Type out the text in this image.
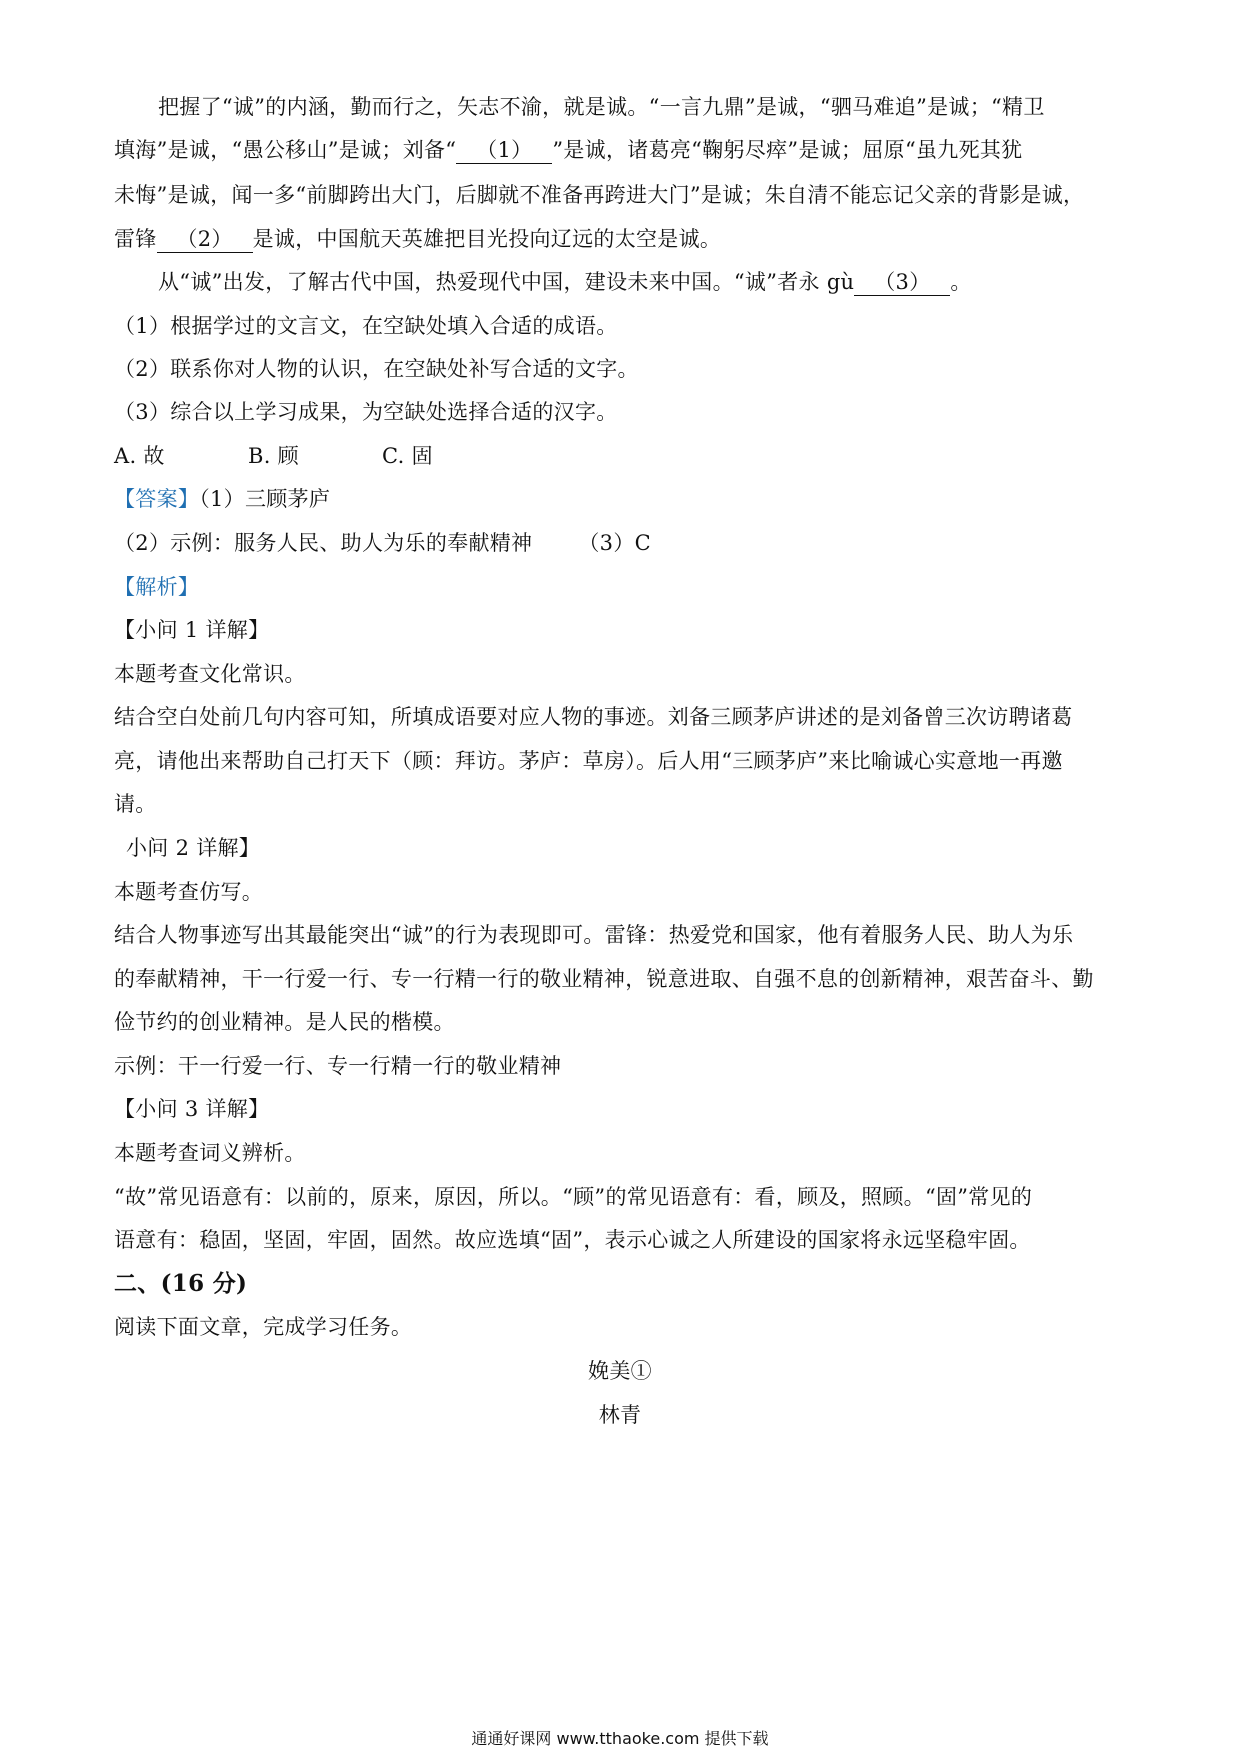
把握了“诚”的内涵，勤而行之，矢志不渝，就是诚。“一言九鼎”是诚，“驷马难追”是诚；“精卫
填海”是诚，“愚公移山”是诚；刘备“ （1） ”是诚，诸葛亮“鞠躬尽瘁”是诚；屈原“虽九死其犹
未悔”是诚，闻一多“前脚跨出大门，后脚就不准备再跨进大门”是诚；朱自清不能忘记父亲的背影是诚，
雷锋 （2） 是诚，中国航天英雄把目光投向辽远的太空是诚。
从“诚”出发，了解古代中国，热爱现代中国，建设未来中国。“诚”者永 gù （3） 。
（1）根据学过的文言文，在空缺处填入合适的成语。
（2）联系你对人物的认识，在空缺处补写合适的文字。
（3）综合以上学习成果，为空缺处选择合适的汉字。
A. 故	B. 顾	C. 固
【答案】（1）三顾茅庐
（2）示例：服务人民、助人为乐的奉献精神 （3）C
【解析】
【小问 1 详解】
本题考查文化常识。
结合空白处前几句内容可知，所填成语要对应人物的事迹。刘备三顾茅庐讲述的是刘备曾三次访聘诸葛
亮，请他出来帮助自己打天下（顾：拜访。茅庐：草房）。后人用“三顾茅庐”来比喻诚心实意地一再邀
请。
小问 2 详解】
本题考查仿写。
结合人物事迹写出其最能突出“诚”的行为表现即可。雷锋：热爱党和国家，他有着服务人民、助人为乐
的奉献精神，干一行爱一行、专一行精一行的敬业精神，锐意进取、自强不息的创新精神，艰苦奋斗、勤
俭节约的创业精神。是人民的楷模。
示例：干一行爱一行、专一行精一行的敬业精神
【小问 3 详解】
本题考查词义辨析。
“故”常见语意有：以前的，原来，原因，所以。“顾”的常见语意有：看，顾及，照顾。“固”常见的
语意有：稳固，坚固，牢固，固然。故应选填“固”，表示心诚之人所建设的国家将永远坚稳牢固。
二、(16 分)
阅读下面文章，完成学习任务。
娩美①
林青
通通好课网 www.tthaoke.com 提供下载
